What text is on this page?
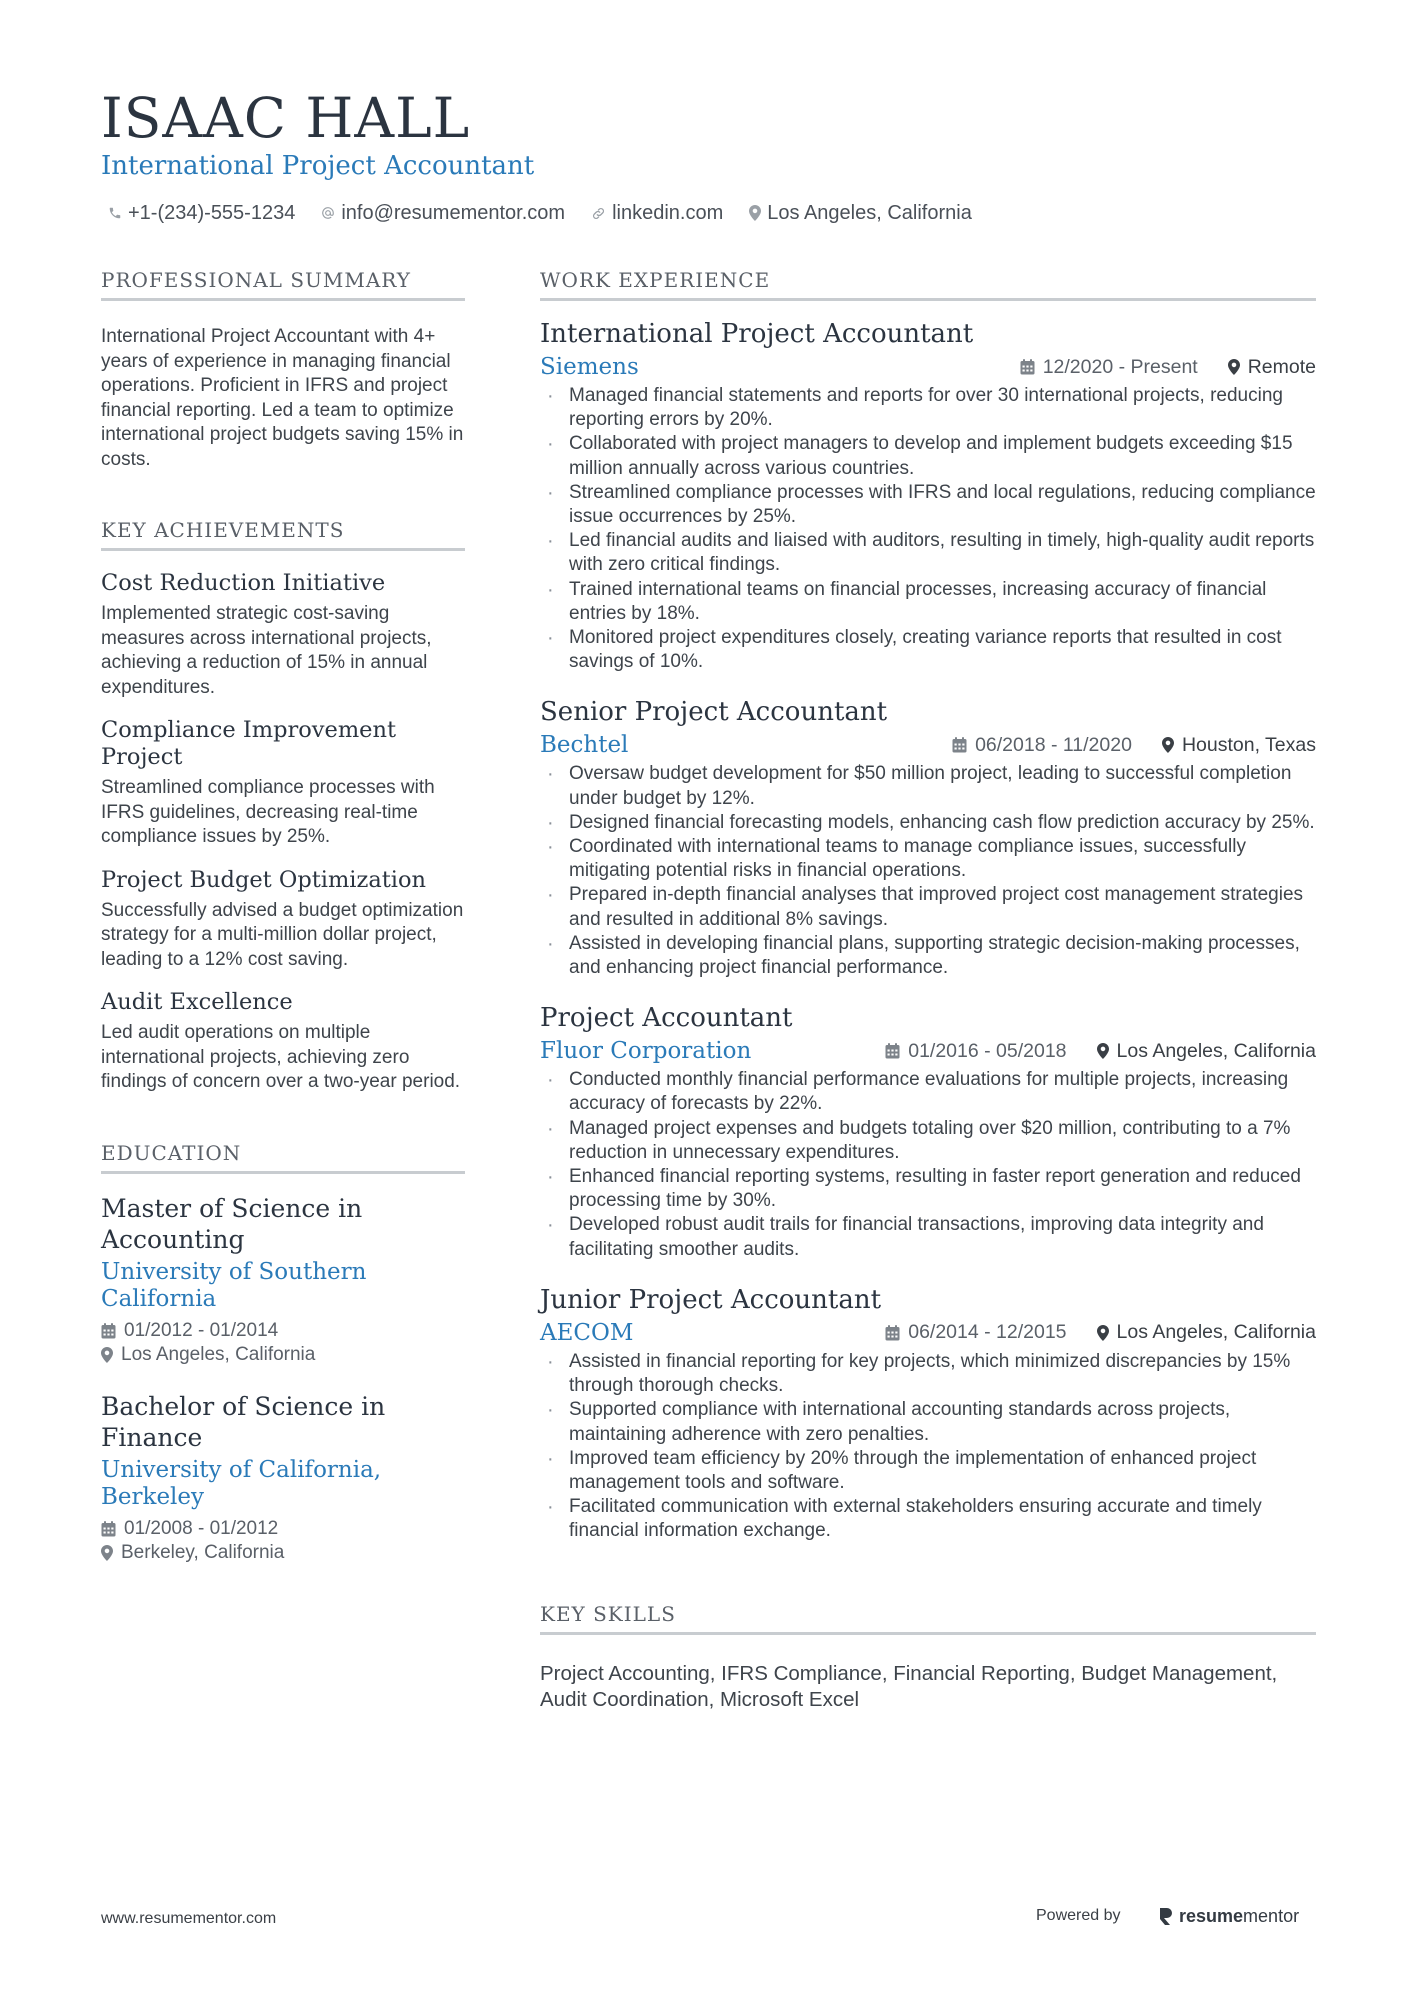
ISAAC HALL
International Project Accountant
+1-(234)-555-1234 info@resumementor.com linkedin.com Los Angeles, California
PROFESSIONAL SUMMARY
International Project Accountant with 4+ years of experience in managing financial operations. Proficient in IFRS and project financial reporting. Led a team to optimize international project budgets saving 15% in costs.
KEY ACHIEVEMENTS
Cost Reduction Initiative
Implemented strategic cost-saving measures across international projects, achieving a reduction of 15% in annual expenditures.
Compliance Improvement Project
Streamlined compliance processes with IFRS guidelines, decreasing real-time compliance issues by 25%.
Project Budget Optimization
Successfully advised a budget optimization strategy for a multi-million dollar project, leading to a 12% cost saving.
Audit Excellence
Led audit operations on multiple international projects, achieving zero findings of concern over a two-year period.
EDUCATION
Master of Science in Accounting
University of Southern California
01/2012 - 01/2014
Los Angeles, California
Bachelor of Science in Finance
University of California, Berkeley
01/2008 - 01/2012
Berkeley, California
WORK EXPERIENCE
International Project Accountant
Siemens	12/2020 - Present	Remote
· Managed financial statements and reports for over 30 international projects, reducing reporting errors by 20%.
· Collaborated with project managers to develop and implement budgets exceeding $15 million annually across various countries.
· Streamlined compliance processes with IFRS and local regulations, reducing compliance issue occurrences by 25%.
· Led financial audits and liaised with auditors, resulting in timely, high-quality audit reports with zero critical findings.
· Trained international teams on financial processes, increasing accuracy of financial entries by 18%.
· Monitored project expenditures closely, creating variance reports that resulted in cost savings of 10%.
Senior Project Accountant
Bechtel	06/2018 - 11/2020	Houston, Texas
· Oversaw budget development for $50 million project, leading to successful completion under budget by 12%.
· Designed financial forecasting models, enhancing cash flow prediction accuracy by 25%.
· Coordinated with international teams to manage compliance issues, successfully mitigating potential risks in financial operations.
· Prepared in-depth financial analyses that improved project cost management strategies and resulted in additional 8% savings.
· Assisted in developing financial plans, supporting strategic decision-making processes, and enhancing project financial performance.
Project Accountant
Fluor Corporation	01/2016 - 05/2018	Los Angeles, California
· Conducted monthly financial performance evaluations for multiple projects, increasing accuracy of forecasts by 22%.
· Managed project expenses and budgets totaling over $20 million, contributing to a 7% reduction in unnecessary expenditures.
· Enhanced financial reporting systems, resulting in faster report generation and reduced processing time by 30%.
· Developed robust audit trails for financial transactions, improving data integrity and facilitating smoother audits.
Junior Project Accountant
AECOM	06/2014 - 12/2015	Los Angeles, California
· Assisted in financial reporting for key projects, which minimized discrepancies by 15% through thorough checks.
· Supported compliance with international accounting standards across projects, maintaining adherence with zero penalties.
· Improved team efficiency by 20% through the implementation of enhanced project management tools and software.
· Facilitated communication with external stakeholders ensuring accurate and timely financial information exchange.
KEY SKILLS
Project Accounting, IFRS Compliance, Financial Reporting, Budget Management, Audit Coordination, Microsoft Excel
www.resumementor.com	Powered by	resume mentor
